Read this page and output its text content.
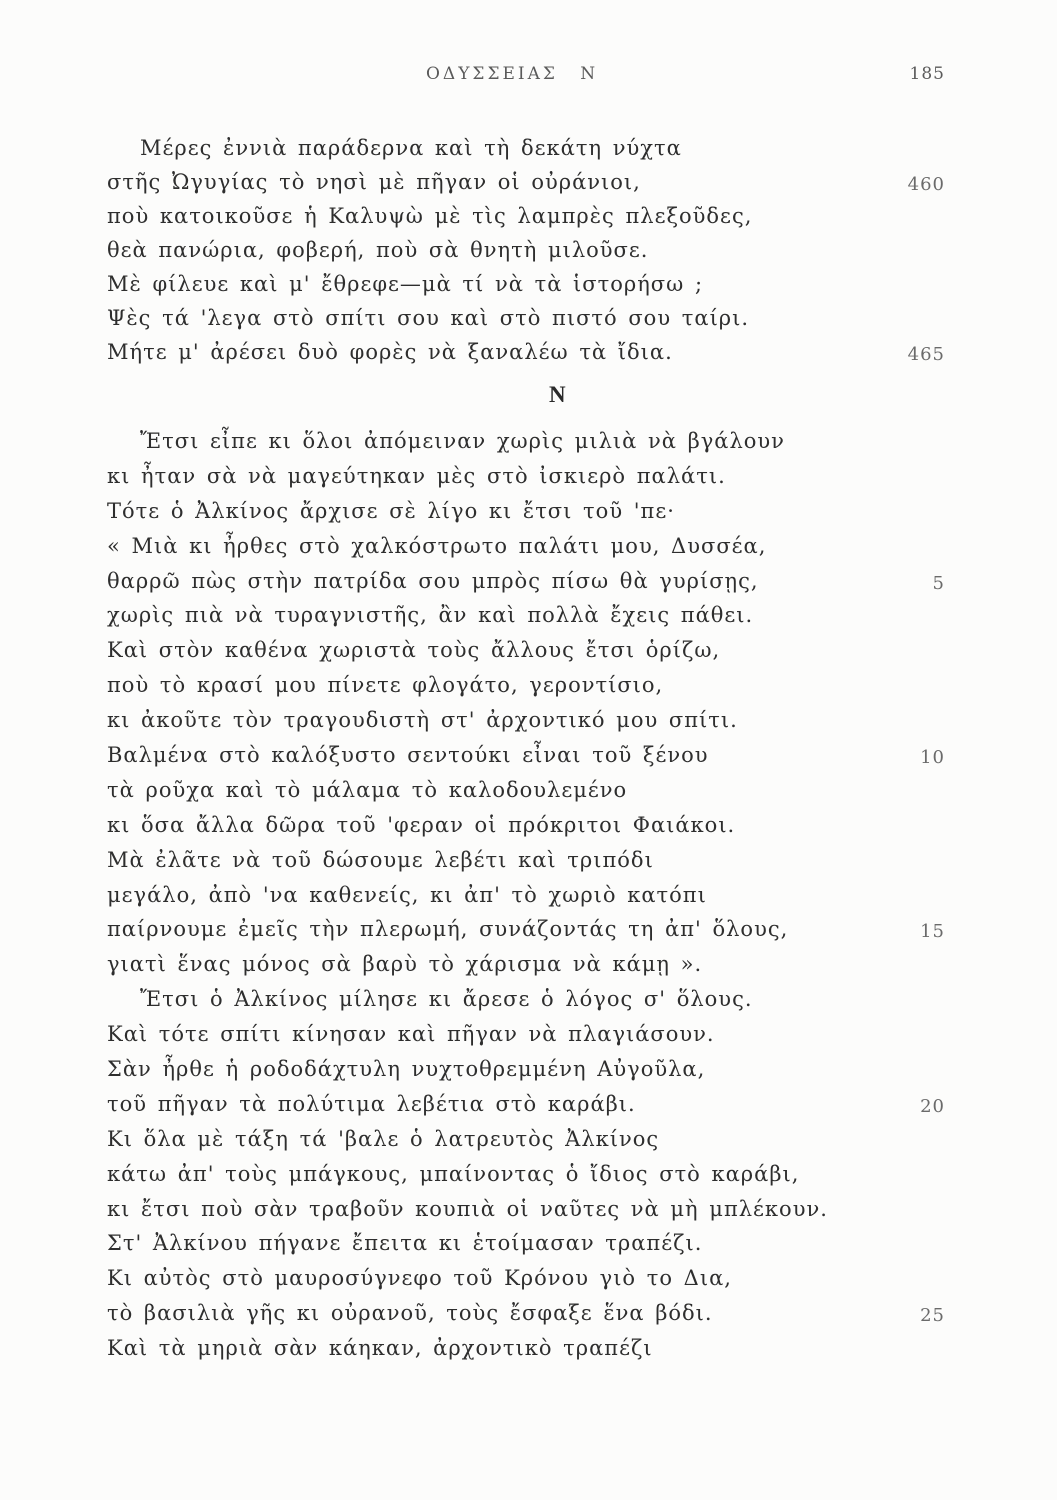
ΟΔΥΣΣΕΙΑΣ Ν	185
Μέρες ἐννιὰ παράδερνα καὶ τὴ δεκάτη νύχτα
στῆς Ὠγυγίας τὸ νησὶ μὲ πῆγαν οἱ οὐράνιοι,	460
ποὺ κατοικοῦσε ἡ Καλυψὼ μὲ τὶς λαμπρὲς πλεξοῦδες,
θεὰ πανώρια, φοβερή, ποὺ σὰ θνητὴ μιλοῦσε.
Μὲ φίλευε καὶ μ' ἔθρεφε—μὰ τί νὰ τὰ ἱστορήσω ;
Ψὲς τά 'λεγα στὸ σπίτι σου καὶ στὸ πιστό σου ταίρι.
Μήτε μ' ἀρέσει δυὸ φορὲς νὰ ξαναλέω τὰ ἴδια.	465
Ν
Ἔτσι εἶπε κι ὅλοι ἀπόμειναν χωρὶς μιλιὰ νὰ βγάλουν
κι ἦταν σὰ νὰ μαγεύτηκαν μὲς στὸ ἰσκιερὸ παλάτι.
Τότε ὁ Ἀλκίνος ἄρχισε σὲ λίγο κι ἔτσι τοῦ 'πε·
« Μιὰ κι ἦρθες στὸ χαλκόστρωτο παλάτι μου, Δυσσέα,
θαρρῶ πὼς στὴν πατρίδα σου μπρὸς πίσω θὰ γυρίσῃς,	5
χωρὶς πιὰ νὰ τυραγνιστῆς, ἂν καὶ πολλὰ ἔχεις πάθει.
Καὶ στὸν καθένα χωριστὰ τοὺς ἄλλους ἔτσι ὁρίζω,
ποὺ τὸ κρασί μου πίνετε φλογάτο, γεροντίσιο,
κι ἀκοῦτε τὸν τραγουδιστὴ στ' ἀρχοντικό μου σπίτι.
Βαλμένα στὸ καλόξυστο σεντούκι εἶναι τοῦ ξένου	10
τὰ ροῦχα καὶ τὸ μάλαμα τὸ καλοδουλεμένο
κι ὅσα ἄλλα δῶρα τοῦ 'φεραν οἱ πρόκριτοι Φαιάκοι.
Μὰ ἐλᾶτε νὰ τοῦ δώσουμε λεβέτι καὶ τριπόδι
μεγάλο, ἀπὸ 'να καθενείς, κι ἀπ' τὸ χωριὸ κατόπι
παίρνουμε ἐμεῖς τὴν πλερωμή, συνάζοντάς τη ἀπ' ὅλους,	15
γιατὶ ἕνας μόνος σὰ βαρὺ τὸ χάρισμα νὰ κάμῃ ».
Ἔτσι ὁ Ἀλκίνος μίλησε κι ἄρεσε ὁ λόγος σ' ὅλους.
Καὶ τότε σπίτι κίνησαν καὶ πῆγαν νὰ πλαγιάσουν.
Σὰν ἦρθε ἡ ροδοδάχτυλη νυχτοθρεμμένη Αὐγοῦλα,
τοῦ πῆγαν τὰ πολύτιμα λεβέτια στὸ καράβι.	20
Κι ὅλα μὲ τάξη τά 'βαλε ὁ λατρευτὸς Ἀλκίνος
κάτω ἀπ' τοὺς μπάγκους, μπαίνοντας ὁ ἴδιος στὸ καράβι,
κι ἔτσι ποὺ σὰν τραβοῦν κουπιὰ οἱ ναῦτες νὰ μὴ μπλέκουν.
Στ' Ἀλκίνου πήγανε ἔπειτα κι ἑτοίμασαν τραπέζι.
Κι αὐτὸς στὸ μαυροσύγνεφο τοῦ Κρόνου γιὸ το Δια,
τὸ βασιλιὰ γῆς κι οὐρανοῦ, τοὺς ἔσφαξε ἕνα βόδι.	25
Καὶ τὰ μηριὰ σὰν κάηκαν, ἀρχοντικὸ τραπέζι
